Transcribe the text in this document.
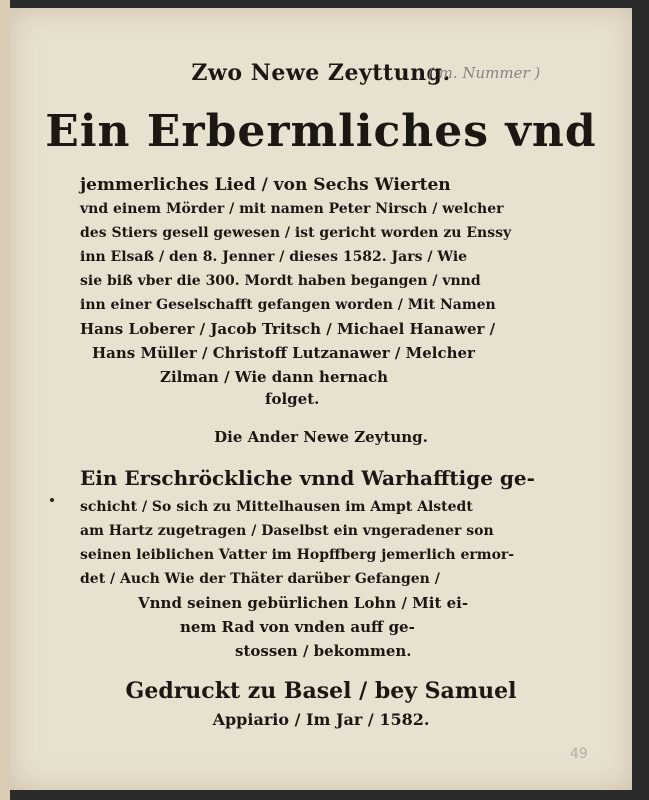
Zwo Newe Zeyttung.
( m. Nummer )
Ein Erbermliches vnd
jemmerliches Lied / von Sechs Wierten
vnd einem Mörder / mit namen Peter Nirsch / welcher
des Stiers gesell gewesen / ist gericht worden zu Enssy
inn Elsaß / den 8. Jenner / dieses 1582. Jars / Wie
sie biß vber die 300. Mordt haben begangen / vnnd
inn einer Geselschafft gefangen worden / Mit Namen
Hans Loberer / Jacob Tritsch / Michael Hanawer /
Hans Müller / Christoff Lutzanawer / Melcher
Zilman / Wie dann hernach
folget.
Die Ander Newe Zeytung.
Ein Erschröckliche vnnd Warhafftige ge-
schicht / So sich zu Mittelhausen im Ampt Alstedt
am Hartz zugetragen / Daselbst ein vngeradener son
seinen leiblichen Vatter im Hopffberg jemerlich ermor-
det / Auch Wie der Thäter darüber Gefangen /
Vnnd seinen gebürlichen Lohn / Mit ei-
nem Rad von vnden auff ge-
stossen / bekommen.
Gedruckt zu Basel / bey Samuel
Appiario / Im Jar / 1582.
49
